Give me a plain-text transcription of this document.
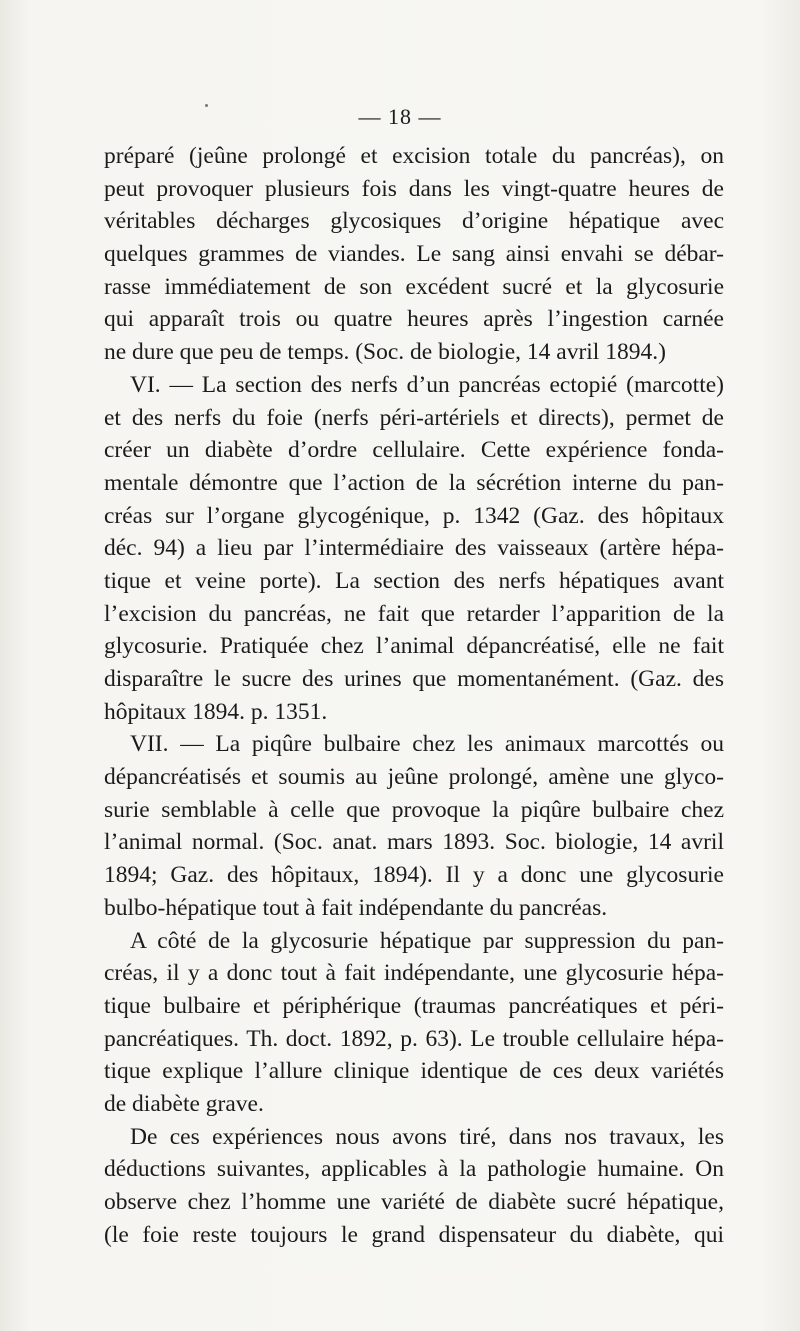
— 18 —
préparé (jeûne prolongé et excision totale du pancréas), on
peut provoquer plusieurs fois dans les vingt-quatre heures de
véritables décharges glycosiques d’origine hépatique avec
quelques grammes de viandes. Le sang ainsi envahi se débar-
rasse immédiatement de son excédent sucré et la glycosurie
qui apparaît trois ou quatre heures après l’ingestion carnée
ne dure que peu de temps. (Soc. de biologie, 14 avril 1894.)
VI. — La section des nerfs d’un pancréas ectopié (marcotte)
et des nerfs du foie (nerfs péri-artériels et directs), permet de
créer un diabète d’ordre cellulaire. Cette expérience fonda-
mentale démontre que l’action de la sécrétion interne du pan-
créas sur l’organe glycogénique, p. 1342 (Gaz. des hôpitaux
déc. 94) a lieu par l’intermédiaire des vaisseaux (artère hépa-
tique et veine porte). La section des nerfs hépatiques avant
l’excision du pancréas, ne fait que retarder l’apparition de la
glycosurie. Pratiquée chez l’animal dépancréatisé, elle ne fait
disparaître le sucre des urines que momentanément. (Gaz. des
hôpitaux 1894. p. 1351.
VII. — La piqûre bulbaire chez les animaux marcottés ou
dépancréatisés et soumis au jeûne prolongé, amène une glyco-
surie semblable à celle que provoque la piqûre bulbaire chez
l’animal normal. (Soc. anat. mars 1893. Soc. biologie, 14 avril
1894; Gaz. des hôpitaux, 1894). Il y a donc une glycosurie
bulbo-hépatique tout à fait indépendante du pancréas.
A côté de la glycosurie hépatique par suppression du pan-
créas, il y a donc tout à fait indépendante, une glycosurie hépa-
tique bulbaire et périphérique (traumas pancréatiques et péri-
pancréatiques. Th. doct. 1892, p. 63). Le trouble cellulaire hépa-
tique explique l’allure clinique identique de ces deux variétés
de diabète grave.
De ces expériences nous avons tiré, dans nos travaux, les
déductions suivantes, applicables à la pathologie humaine. On
observe chez l’homme une variété de diabète sucré hépatique,
(le foie reste toujours le grand dispensateur du diabète, qui
